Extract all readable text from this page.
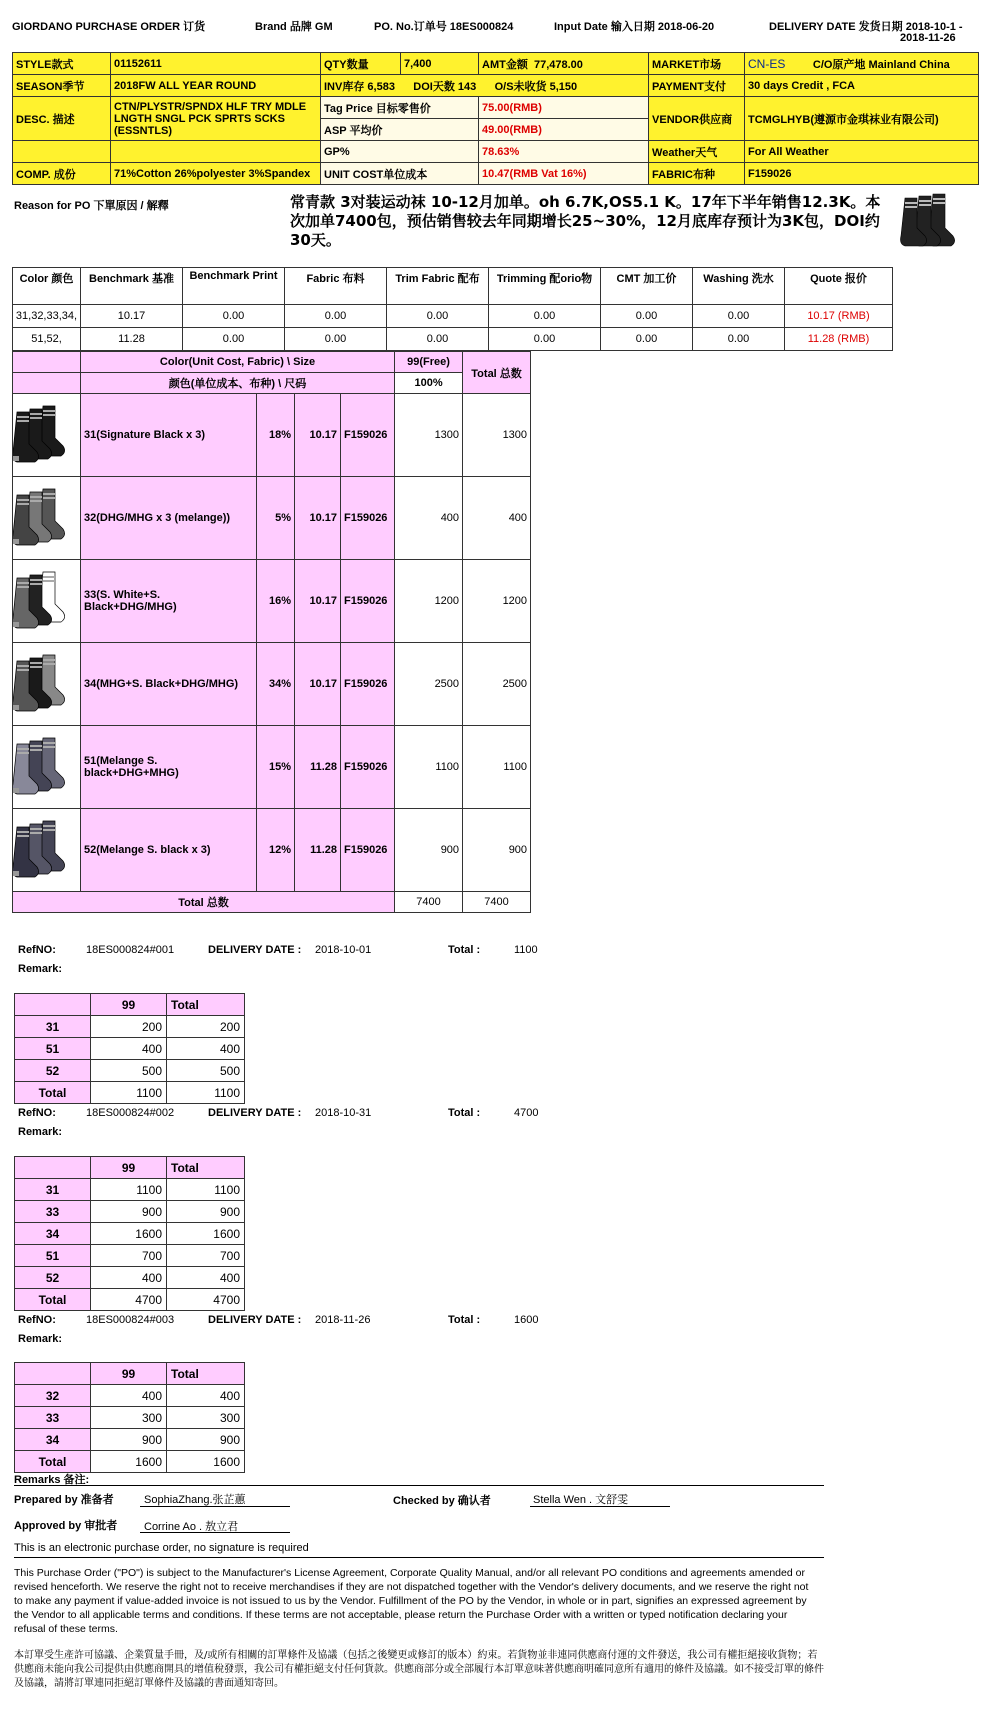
GIORDANO PURCHASE ORDER 订货	Brand 品牌 GM	PO. No.订单号 18ES000824	Input Date 输入日期 2018-06-20	DELIVERY DATE 发货日期 2018-10-1 -
2018-11-26
STYLE款式	01152611	QTY数量	7,400	AMT金额 77,478.00	MARKET市场	CN-ES C/O原产地 Mainland China
SEASON季节	2018FW ALL YEAR ROUND	INV库存 6,583 DOI天数 143 O/S未收货 5,150			PAYMENT支付	30 days Credit , FCA
DESC. 描述	CTN/PLYSTR/SPNDX HLF TRY MDLE LNGTH SNGL PCK SPRTS SCKS (ESSNTLS)	Tag Price 目标零售价		75.00(RMB)	VENDOR供应商	TCMGLHYB(遵源市金琪袜业有限公司)
		ASP 平均价		49.00(RMB)		
		GP%		78.63%	Weather天气	For All Weather
COMP. 成份	71%Cotton 26%polyester 3%Spandex	UNIT COST单位成本		10.47(RMB Vat 16%)	FABRIC布种	F159026
Reason for PO 下單原因 / 解釋	常青款 3对装运动袜 10-12月加单。oh 6.7K,OS5.1 K。17年下半年销售12.3K。本次加单7400包，预估销售较去年同期增长25~30%，12月底库存预计为3K包，DOI约 30天。
Color 颜色	Benchmark 基准	Benchmark Print	Fabric 布料	Trim Fabric 配布	Trimming 配orio物	CMT 加工价	Washing 洗水	Quote 报价
31,32,33,34,	10.17	0.00	0.00	0.00	0.00	0.00	0.00	10.17 (RMB)
51,52,	11.28	0.00	0.00	0.00	0.00	0.00	0.00	11.28 (RMB)
	Color(Unit Cost, Fabric) \ Size				99(Free)	Total 总数
	颜色(单位成本、布种) \ 尺码				100%	
	31(Signature Black x 3)	18%	10.17	F159026	1300	1300
	32(DHG/MHG x 3 (melange))	5%	10.17	F159026	400	400
	33(S. White+S. Black+DHG/MHG)	16%	10.17	F159026	1200	1200
	34(MHG+S. Black+DHG/MHG)	34%	10.17	F159026	2500	2500
	51(Melange S. black+DHG+MHG)	15%	11.28	F159026	1100	1100
	52(Melange S. black x 3)	12%	11.28	F159026	900	900
Total 总数					7400	7400
RefNO:	18ES000824#001	DELIVERY DATE : 2018-10-01	Total :	1100
Remark:
	99	Total
31	200	200
51	400	400
52	500	500
Total	1100	1100
RefNO:	18ES000824#002	DELIVERY DATE : 2018-10-31	Total :	4700
Remark:
	99	Total
31	1100	1100
33	900	900
34	1600	1600
51	700	700
52	400	400
Total	4700	4700
RefNO:	18ES000824#003	DELIVERY DATE : 2018-11-26	Total :	1600
Remark:
	99	Total
32	400	400
33	300	300
34	900	900
Total	1600	1600
Remarks 备注:
Prepared by 准备者	SophiaZhang.张芷蕙	Checked by 确认者	Stella Wen . 文舒雯
Approved by 审批者 Corrine Ao . 敖立君
This is an electronic purchase order, no signature is required
This Purchase Order ("PO") is subject to the Manufacturer's License Agreement, Corporate Quality Manual, and/or all relevant PO conditions and agreements amended or revised henceforth. We reserve the right not to receive merchandises if they are not dispatched together with the Vendor's delivery documents, and we reserve the right not to make any payment if value-added invoice is not issued to us by the Vendor. Fulfillment of the PO by the Vendor, in whole or in part, signifies an expressed agreement by the Vendor to all applicable terms and conditions. If these terms are not acceptable, please return the Purchase Order with a written or typed notification declaring your refusal of these terms.
本訂單受生產許可協議、企業質量手冊，及/或所有相關的訂單條件及協議（包括之後變更或修訂的版本）約束。若貨物並非連同供應商付運的文件發送，我公司有權拒絕接收貨物；若供應商未能向我公司提供由供應商開具的增值稅發票，我公司有權拒絕支付任何貨款。供應商部分或全部履行本訂單意味著供應商明確同意所有適用的條件及協議。如不接受訂單的條件及協議，請將訂單連同拒絕訂單條件及協議的書面通知寄回。
